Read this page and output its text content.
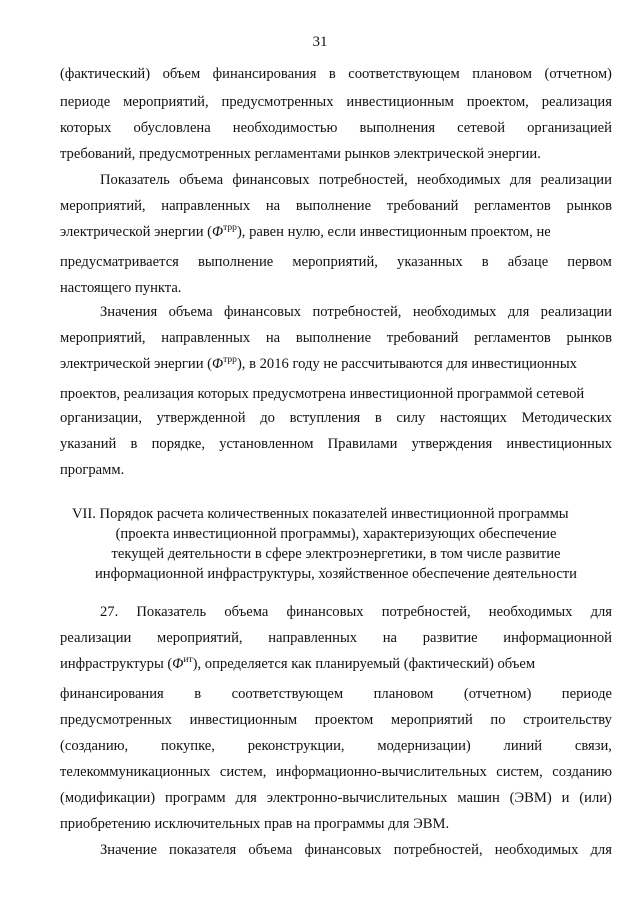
31
(фактический) объем финансирования в соответствующем плановом (отчетном)
периоде мероприятий, предусмотренных инвестиционным проектом, реализация
которых обусловлена необходимостью выполнения сетевой организацией
требований, предусмотренных регламентами рынков электрической энергии.
Показатель объема финансовых потребностей, необходимых для реализации
мероприятий, направленных на выполнение требований регламентов рынков
электрической энергии $(\Phi^{трр})$, равен нулю, если инвестиционным проектом, не
предусматривается выполнение мероприятий, указанных в абзаце первом
настоящего пункта.
Значения объема финансовых потребностей, необходимых для реализации
мероприятий, направленных на выполнение требований регламентов рынков
электрической энергии $(\Phi^{трр})$, в 2016 году не рассчитываются для инвестиционных
проектов, реализация которых предусмотрена инвестиционной программой сетевой
организации, утвержденной до вступления в силу настоящих Методических
указаний в порядке, установленном Правилами утверждения инвестиционных
программ.
VII. Порядок расчета количественных показателей инвестиционной программы
(проекта инвестиционной программы), характеризующих обеспечение
текущей деятельности в сфере электроэнергетики, в том числе развитие
информационной инфраструктуры, хозяйственное обеспечение деятельности
27. Показатель объема финансовых потребностей, необходимых для
реализации мероприятий, направленных на развитие информационной
инфраструктуры $(\Phi^{ит})$, определяется как планируемый (фактический) объем
финансирования в соответствующем плановом (отчетном) периоде
предусмотренных инвестиционным проектом мероприятий по строительству
(созданию, покупке, реконструкции, модернизации) линий связи,
телекоммуникационных систем, информационно-вычислительных систем, созданию
(модификации) программ для электронно-вычислительных машин (ЭВМ) и (или)
приобретению исключительных прав на программы для ЭВМ.
Значение показателя объема финансовых потребностей, необходимых для
